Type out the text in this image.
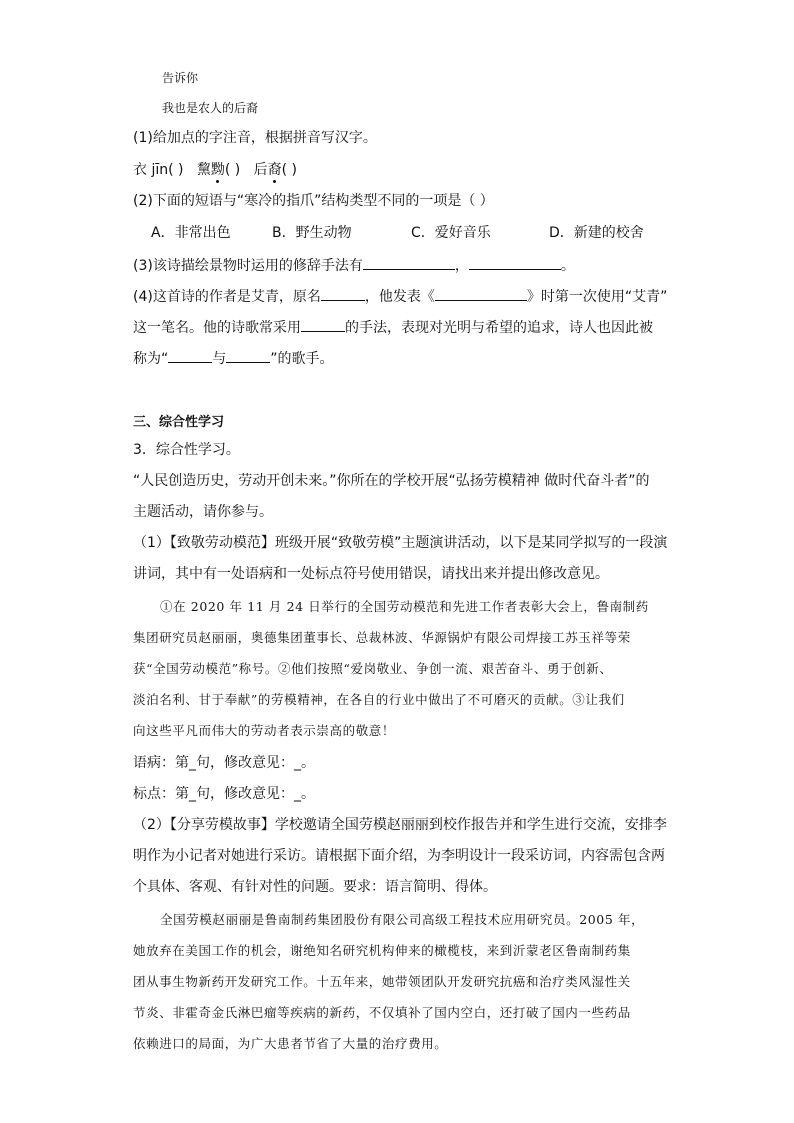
告诉你
我也是农人的后裔
(1)给加点的字注音，根据拼音写汉字。
衣 jīn( ) 黧黝( ) 后裔( )
(2)下面的短语与“寒冷的指爪”结构类型不同的一项是（ ）
A．非常出色	B．野生动物	C．爱好音乐	D．新建的校舍
(3)该诗描绘景物时运用的修辞手法有	，	。
(4)这首诗的作者是艾青，原名	，他发表《	》时第一次使用“艾青”
这一笔名。他的诗歌常采用	的手法，表现对光明与希望的追求，诗人也因此被
称为“	与	”的歌手。
三、综合性学习
3．综合性学习。
“人民创造历史，劳动开创未来。”你所在的学校开展“弘扬劳模精神 做时代奋斗者”的
主题活动，请你参与。
（1）【致敬劳动模范】班级开展“致敬劳模”主题演讲活动，以下是某同学拟写的一段演
讲词，其中有一处语病和一处标点符号使用错误，请找出来并提出修改意见。
①在 2020 年 11 月 24 日举行的全国劳动模范和先进工作者表彰大会上，鲁南制药
集团研究员赵丽丽，奥德集团董事长、总裁林波、华源锅炉有限公司焊接工苏玉祥等荣
获“全国劳动模范”称号。②他们按照“爱岗敬业、争创一流、艰苦奋斗、勇于创新、
淡泊名利、甘于奉献”的劳模精神，在各自的行业中做出了不可磨灭的贡献。③让我们
向这些平凡而伟大的劳动者表示崇高的敬意！
语病：第_句，修改意见：_。
标点：第_句，修改意见：_。
（2）【分享劳模故事】学校邀请全国劳模赵丽丽到校作报告并和学生进行交流，安排李
明作为小记者对她进行采访。请根据下面介绍，为李明设计一段采访词，内容需包含两
个具体、客观、有针对性的问题。要求：语言简明、得体。
全国劳模赵丽丽是鲁南制药集团股份有限公司高级工程技术应用研究员。2005 年，
她放弃在美国工作的机会，谢绝知名研究机构伸来的橄榄枝，来到沂蒙老区鲁南制药集
团从事生物新药开发研究工作。十五年来，她带领团队开发研究抗癌和治疗类风湿性关
节炎、非霍奇金氏淋巴瘤等疾病的新药，不仅填补了国内空白，还打破了国内一些药品
依赖进口的局面，为广大患者节省了大量的治疗费用。
